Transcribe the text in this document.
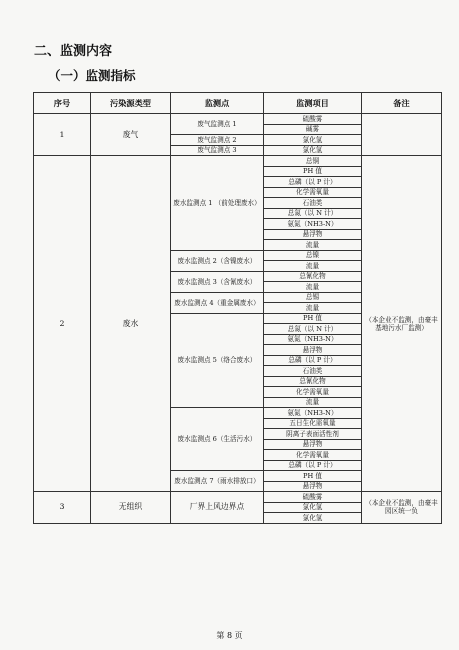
二、监测内容
（一）监测指标
序号	污染源类型	监测点	监测项目	备注
1	废气	废气监测点 1	硫酸雾	
			碱雾	
		废气监测点 2	氯化氢	
		废气监测点 3	氯化氢	
2	废水	废水监测点 1 （前处理废水）	总铜	（本企业不监测，由豪丰基地污水厂监测）
			PH 值	
			总磷（以 P 计）	
			化学需氧量	
			石油类	
			总氮（以 N 计）	
			氨氮（NH3-N）	
			悬浮物	
			流量	
		废水监测点 2（含镍废水）	总镍	
			流量	
		废水监测点 3（含氰废水）	总氰化物	
			流量	
		废水监测点 4（重金属废水）	总锡	
			流量	
		废水监测点 5（络合废水）	PH 值	
			总氮（以 N 计）	
			氨氮（NH3-N）	
			悬浮物	
			总磷（以 P 计）	
			石油类	
			总氰化物	
			化学需氧量	
			流量	
		废水监测点 6（生活污水）	氨氮（NH3-N）	
			五日生化需氧量	
			阴离子表面活性剂	
			悬浮物	
			化学需氧量	
			总磷（以 P 计）	
		废水监测点 7（雨水排放口）	PH 值	
			悬浮物	
3	无组织	厂界上风边界点	硫酸雾	（本企业不监测，由豪丰园区统一负
			氯化氢	
			氯化氢	
第 8 页
